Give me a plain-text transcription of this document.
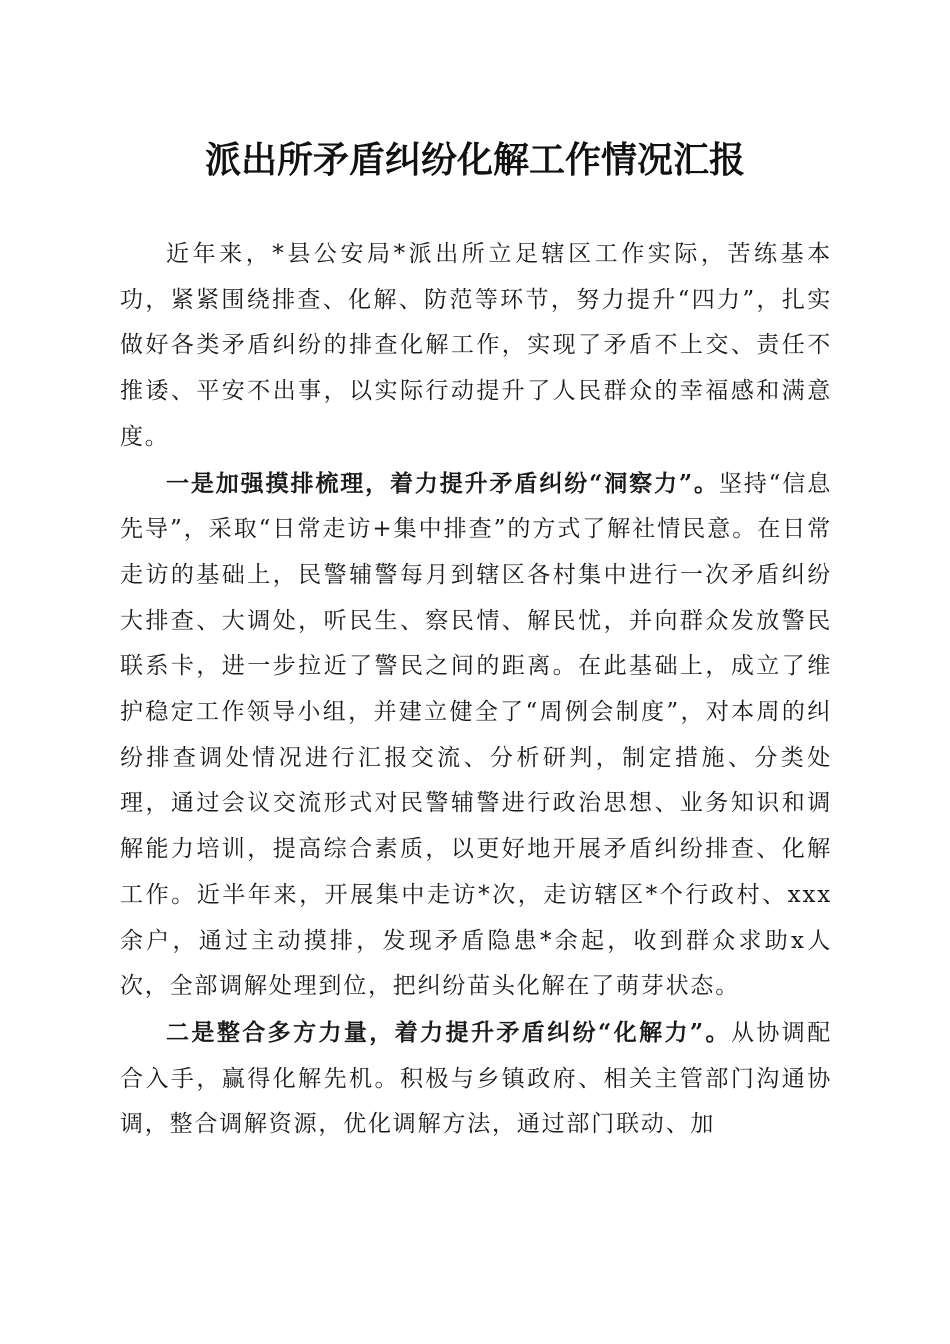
派出所矛盾纠纷化解工作情况汇报

近年来，*县公安局*派出所立足辖区工作实际，苦练基本功，紧紧围绕排查、化解、防范等环节，努力提升“四力”，扎实做好各类矛盾纠纷的排查化解工作，实现了矛盾不上交、责任不推诿、平安不出事，以实际行动提升了人民群众的幸福感和满意度。

一是加强摸排梳理，着力提升矛盾纠纷“洞察力”。坚持“信息先导”，采取“日常走访+集中排查”的方式了解社情民意。在日常走访的基础上，民警辅警每月到辖区各村集中进行一次矛盾纠纷大排查、大调处，听民生、察民情、解民忧，并向群众发放警民联系卡，进一步拉近了警民之间的距离。在此基础上，成立了维护稳定工作领导小组，并建立健全了“周例会制度”，对本周的纠纷排查调处情况进行汇报交流、分析研判，制定措施、分类处理，通过会议交流形式对民警辅警进行政治思想、业务知识和调解能力培训，提高综合素质，以更好地开展矛盾纠纷排查、化解工作。近半年来，开展集中走访*次，走访辖区*个行政村、xxx余户，通过主动摸排，发现矛盾隐患*余起，收到群众求助x人次，全部调解处理到位，把纠纷苗头化解在了萌芽状态。

二是整合多方力量，着力提升矛盾纠纷“化解力”。从协调配合入手，赢得化解先机。积极与乡镇政府、相关主管部门沟通协调，整合调解资源，优化调解方法，通过部门联动、加
